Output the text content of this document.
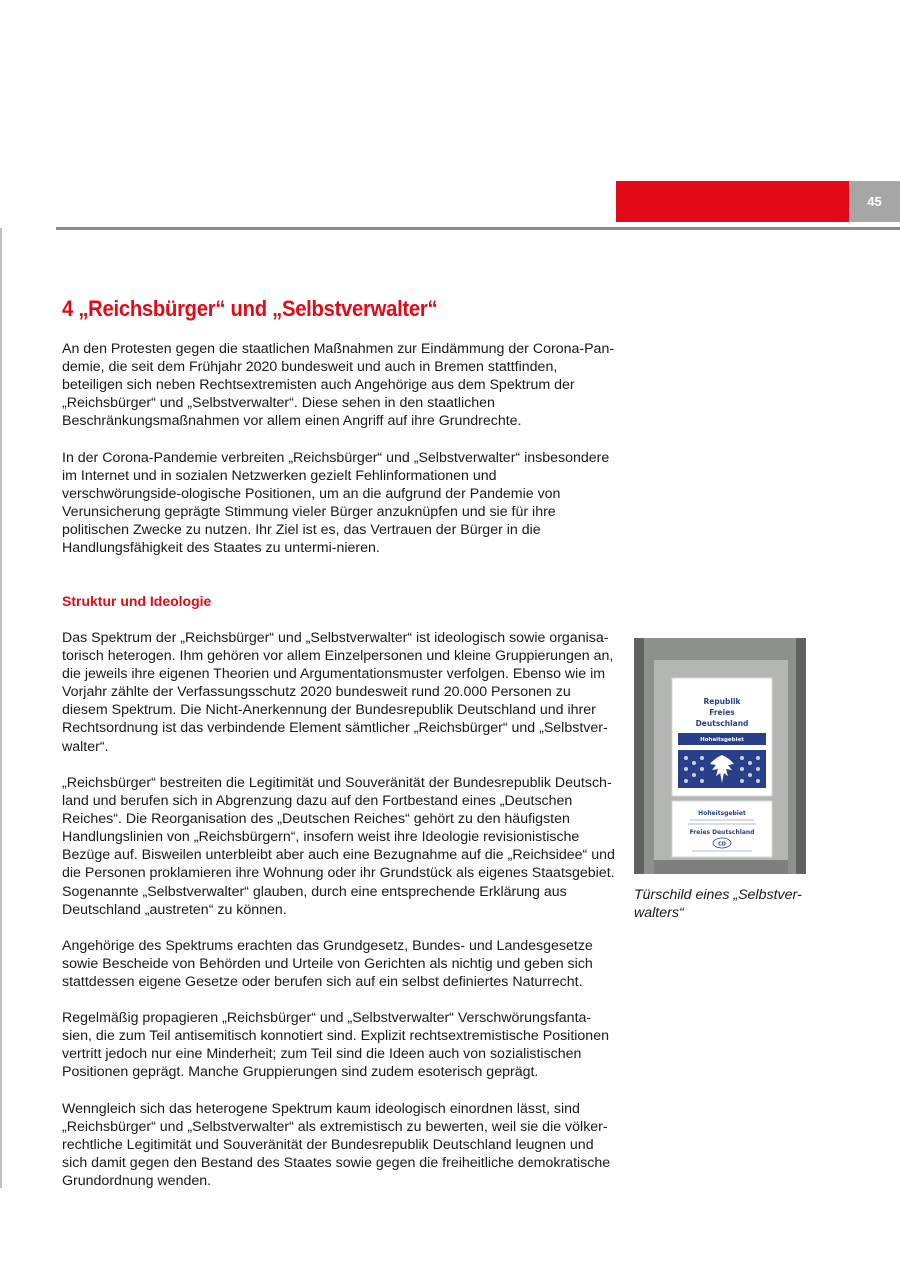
45
4 „Reichsbürger“ und „Selbstverwalter“

An den Protesten gegen die staatlichen Maßnahmen zur Eindämmung der Corona-Pan-demie, die seit dem Frühjahr 2020 bundesweit und auch in Bremen stattfinden, beteiligen sich neben Rechtsextremisten auch Angehörige aus dem Spektrum der „Reichsbürger“ und „Selbstverwalter“. Diese sehen in den staatlichen Beschränkungsmaßnahmen vor allem einen Angriff auf ihre Grundrechte.

In der Corona-Pandemie verbreiten „Reichsbürger“ und „Selbstverwalter“ insbesondere im Internet und in sozialen Netzwerken gezielt Fehlinformationen und verschwörungside-ologische Positionen, um an die aufgrund der Pandemie von Verunsicherung geprägte Stimmung vieler Bürger anzuknüpfen und sie für ihre politischen Zwecke zu nutzen. Ihr Ziel ist es, das Vertrauen der Bürger in die Handlungsfähigkeit des Staates zu untermi-nieren.

Struktur und Ideologie

Das Spektrum der „Reichsbürger“ und „Selbstverwalter“ ist ideologisch sowie organisa-torisch heterogen. Ihm gehören vor allem Einzelpersonen und kleine Gruppierungen an, die jeweils ihre eigenen Theorien und Argumentationsmuster verfolgen. Ebenso wie im Vorjahr zählte der Verfassungsschutz 2020 bundesweit rund 20.000 Personen zu diesem Spektrum. Die Nicht-Anerkennung der Bundesrepublik Deutschland und ihrer Rechtsordnung ist das verbindende Element sämtlicher „Reichsbürger“ und „Selbstver-walter“.

„Reichsbürger“ bestreiten die Legitimität und Souveränität der Bundesrepublik Deutsch-land und berufen sich in Abgrenzung dazu auf den Fortbestand eines „Deutschen Reiches“. Die Reorganisation des „Deutschen Reiches“ gehört zu den häufigsten Handlungslinien von „Reichsbürgern“, insofern weist ihre Ideologie revisionistische Bezüge auf. Bisweilen unterbleibt aber auch eine Bezugnahme auf die „Reichsidee“ und die Personen proklamieren ihre Wohnung oder ihr Grundstück als eigenes Staatsgebiet. Sogenannte „Selbstverwalter“ glauben, durch eine entsprechende Erklärung aus Deutschland „austreten“ zu können.

Angehörige des Spektrums erachten das Grundgesetz, Bundes- und Landesgesetze sowie Bescheide von Behörden und Urteile von Gerichten als nichtig und geben sich stattdessen eigene Gesetze oder berufen sich auf ein selbst definiertes Naturrecht.

Regelmäßig propagieren „Reichsbürger“ und „Selbstverwalter“ Verschwörungsfanta-sien, die zum Teil antisemitisch konnotiert sind. Explizit rechtsextremistische Positionen vertritt jedoch nur eine Minderheit; zum Teil sind die Ideen auch von sozialistischen Positionen geprägt. Manche Gruppierungen sind zudem esoterisch geprägt.

Wenngleich sich das heterogene Spektrum kaum ideologisch einordnen lässt, sind „Reichsbürger“ und „Selbstverwalter“ als extremistisch zu bewerten, weil sie die völker-rechtliche Legitimität und Souveränität der Bundesrepublik Deutschland leugnen und sich damit gegen den Bestand des Staates sowie gegen die freiheitliche demokratische Grundordnung wenden.

Republik
Freies
Deutschland
Hoheitsgebiet
Hoheitsgebiet
Freies Deutschland
CD

Türschild eines „Selbstver-walters“
